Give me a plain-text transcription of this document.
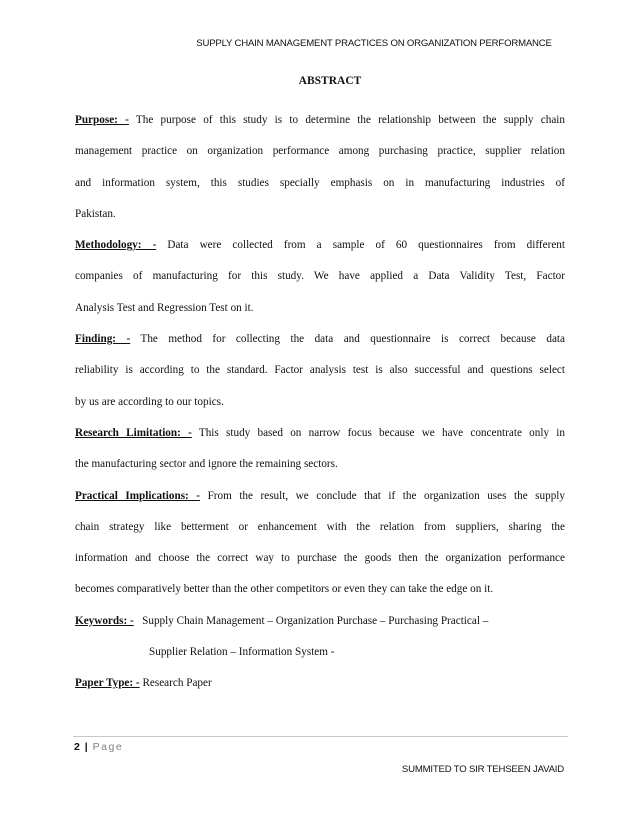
SUPPLY CHAIN MANAGEMENT PRACTICES ON ORGANIZATION PERFORMANCE
ABSTRACT
Purpose: - The purpose of this study is to determine the relationship between the supply chain
management practice on organization performance among purchasing practice, supplier relation
and information system, this studies specially emphasis on in manufacturing industries of
Pakistan.
Methodology: - Data were collected from a sample of 60 questionnaires from different
companies of manufacturing for this study. We have applied a Data Validity Test, Factor
Analysis Test and Regression Test on it.
Finding: - The method for collecting the data and questionnaire is correct because data
reliability is according to the standard. Factor analysis test is also successful and questions select
by us are according to our topics.
Research Limitation: - This study based on narrow focus because we have concentrate only in
the manufacturing sector and ignore the remaining sectors.
Practical Implications: - From the result, we conclude that if the organization uses the supply
chain strategy like betterment or enhancement with the relation from suppliers, sharing the
information and choose the correct way to purchase the goods then the organization performance
becomes comparatively better than the other competitors or even they can take the edge on it.
Keywords: - Supply Chain Management – Organization Purchase – Purchasing Practical –
Supplier Relation – Information System -
Paper Type: - Research Paper
2 | Page
SUMMITED TO SIR TEHSEEN JAVAID
